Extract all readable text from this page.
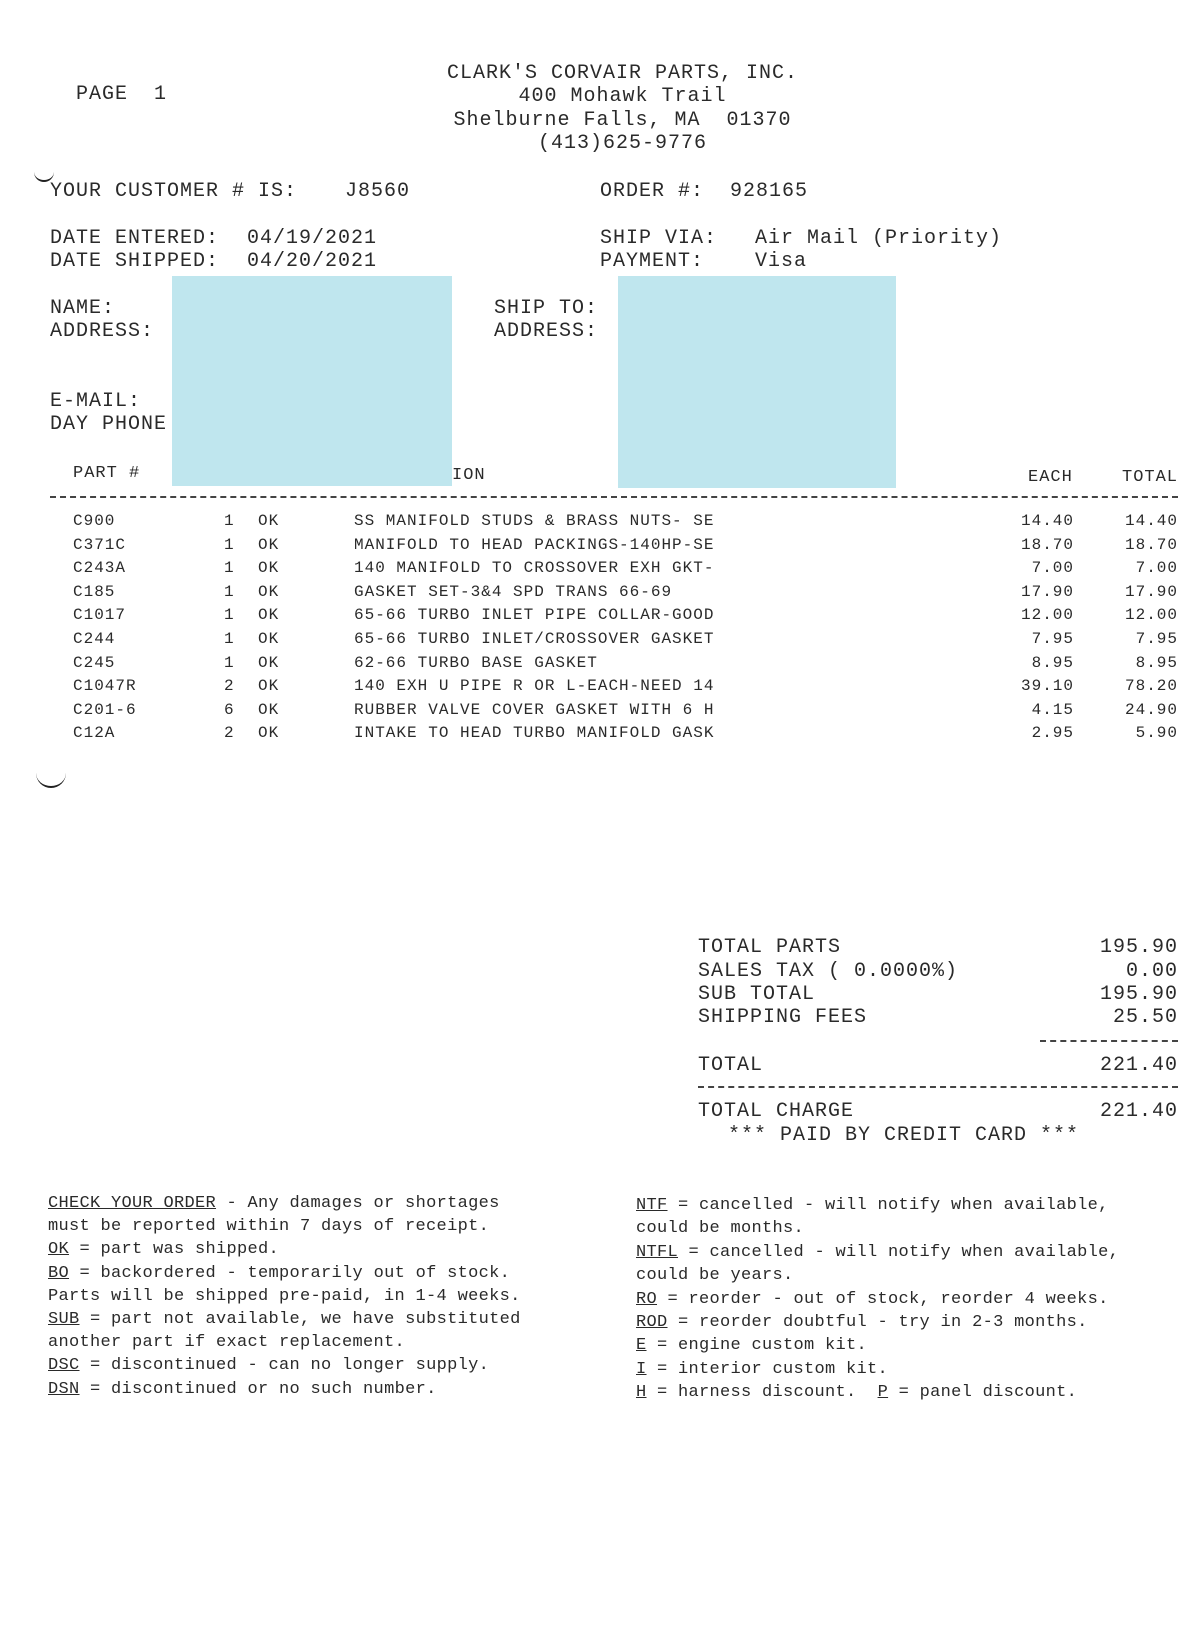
PAGE 1

CLARK'S CORVAIR PARTS, INC.
400 Mohawk Trail
Shelburne Falls, MA  01370
(413)625-9776
YOUR CUSTOMER # IS: J8560	ORDER #: 928165
DATE ENTERED: 04/19/2021
DATE SHIPPED: 04/20/2021
SHIP VIA: Air Mail (Priority)
PAYMENT:	Visa
NAME:
ADDRESS:
SHIP TO:
ADDRESS:
E-MAIL:
DAY PHONE
PART #	ION	EACH	TOTAL
C900	1 OK	SS MANIFOLD STUDS & BRASS NUTS- SE	14.40	14.40
C371C	1 OK	MANIFOLD TO HEAD PACKINGS-140HP-SE	18.70	18.70
C243A	1 OK	140 MANIFOLD TO CROSSOVER EXH GKT-	7.00	7.00
C185	1 OK	GASKET SET-3&4 SPD TRANS 66-69	17.90	17.90
C1017	1 OK	65-66 TURBO INLET PIPE COLLAR-GOOD	12.00	12.00
C244	1 OK	65-66 TURBO INLET/CROSSOVER GASKET	7.95	7.95
C245	1 OK	62-66 TURBO BASE GASKET	8.95	8.95
C1047R	2 OK	140 EXH U PIPE R OR L-EACH-NEED 14	39.10	78.20
C201-6	6 OK	RUBBER VALVE COVER GASKET WITH 6 H	4.15	24.90
C12A	2 OK	INTAKE TO HEAD TURBO MANIFOLD GASK	2.95	5.90
TOTAL PARTS	195.90
SALES TAX ( 0.0000%)	0.00
SUB TOTAL	195.90
SHIPPING FEES	25.50
TOTAL	221.40
TOTAL CHARGE	221.40
*** PAID BY CREDIT CARD ***
CHECK YOUR ORDER - Any damages or shortages
must be reported within 7 days of receipt.
OK = part was shipped.
BO = backordered - temporarily out of stock.
Parts will be shipped pre-paid, in 1-4 weeks.
SUB = part not available, we have substituted
another part if exact replacement.
DSC = discontinued - can no longer supply.
DSN = discontinued or no such number.
NTF = cancelled - will notify when available,
could be months.
NTFL = cancelled - will notify when available,
could be years.
RO = reorder - out of stock, reorder 4 weeks.
ROD = reorder doubtful - try in 2-3 months.
E = engine custom kit.
I = interior custom kit.
H = harness discount.  P = panel discount.
